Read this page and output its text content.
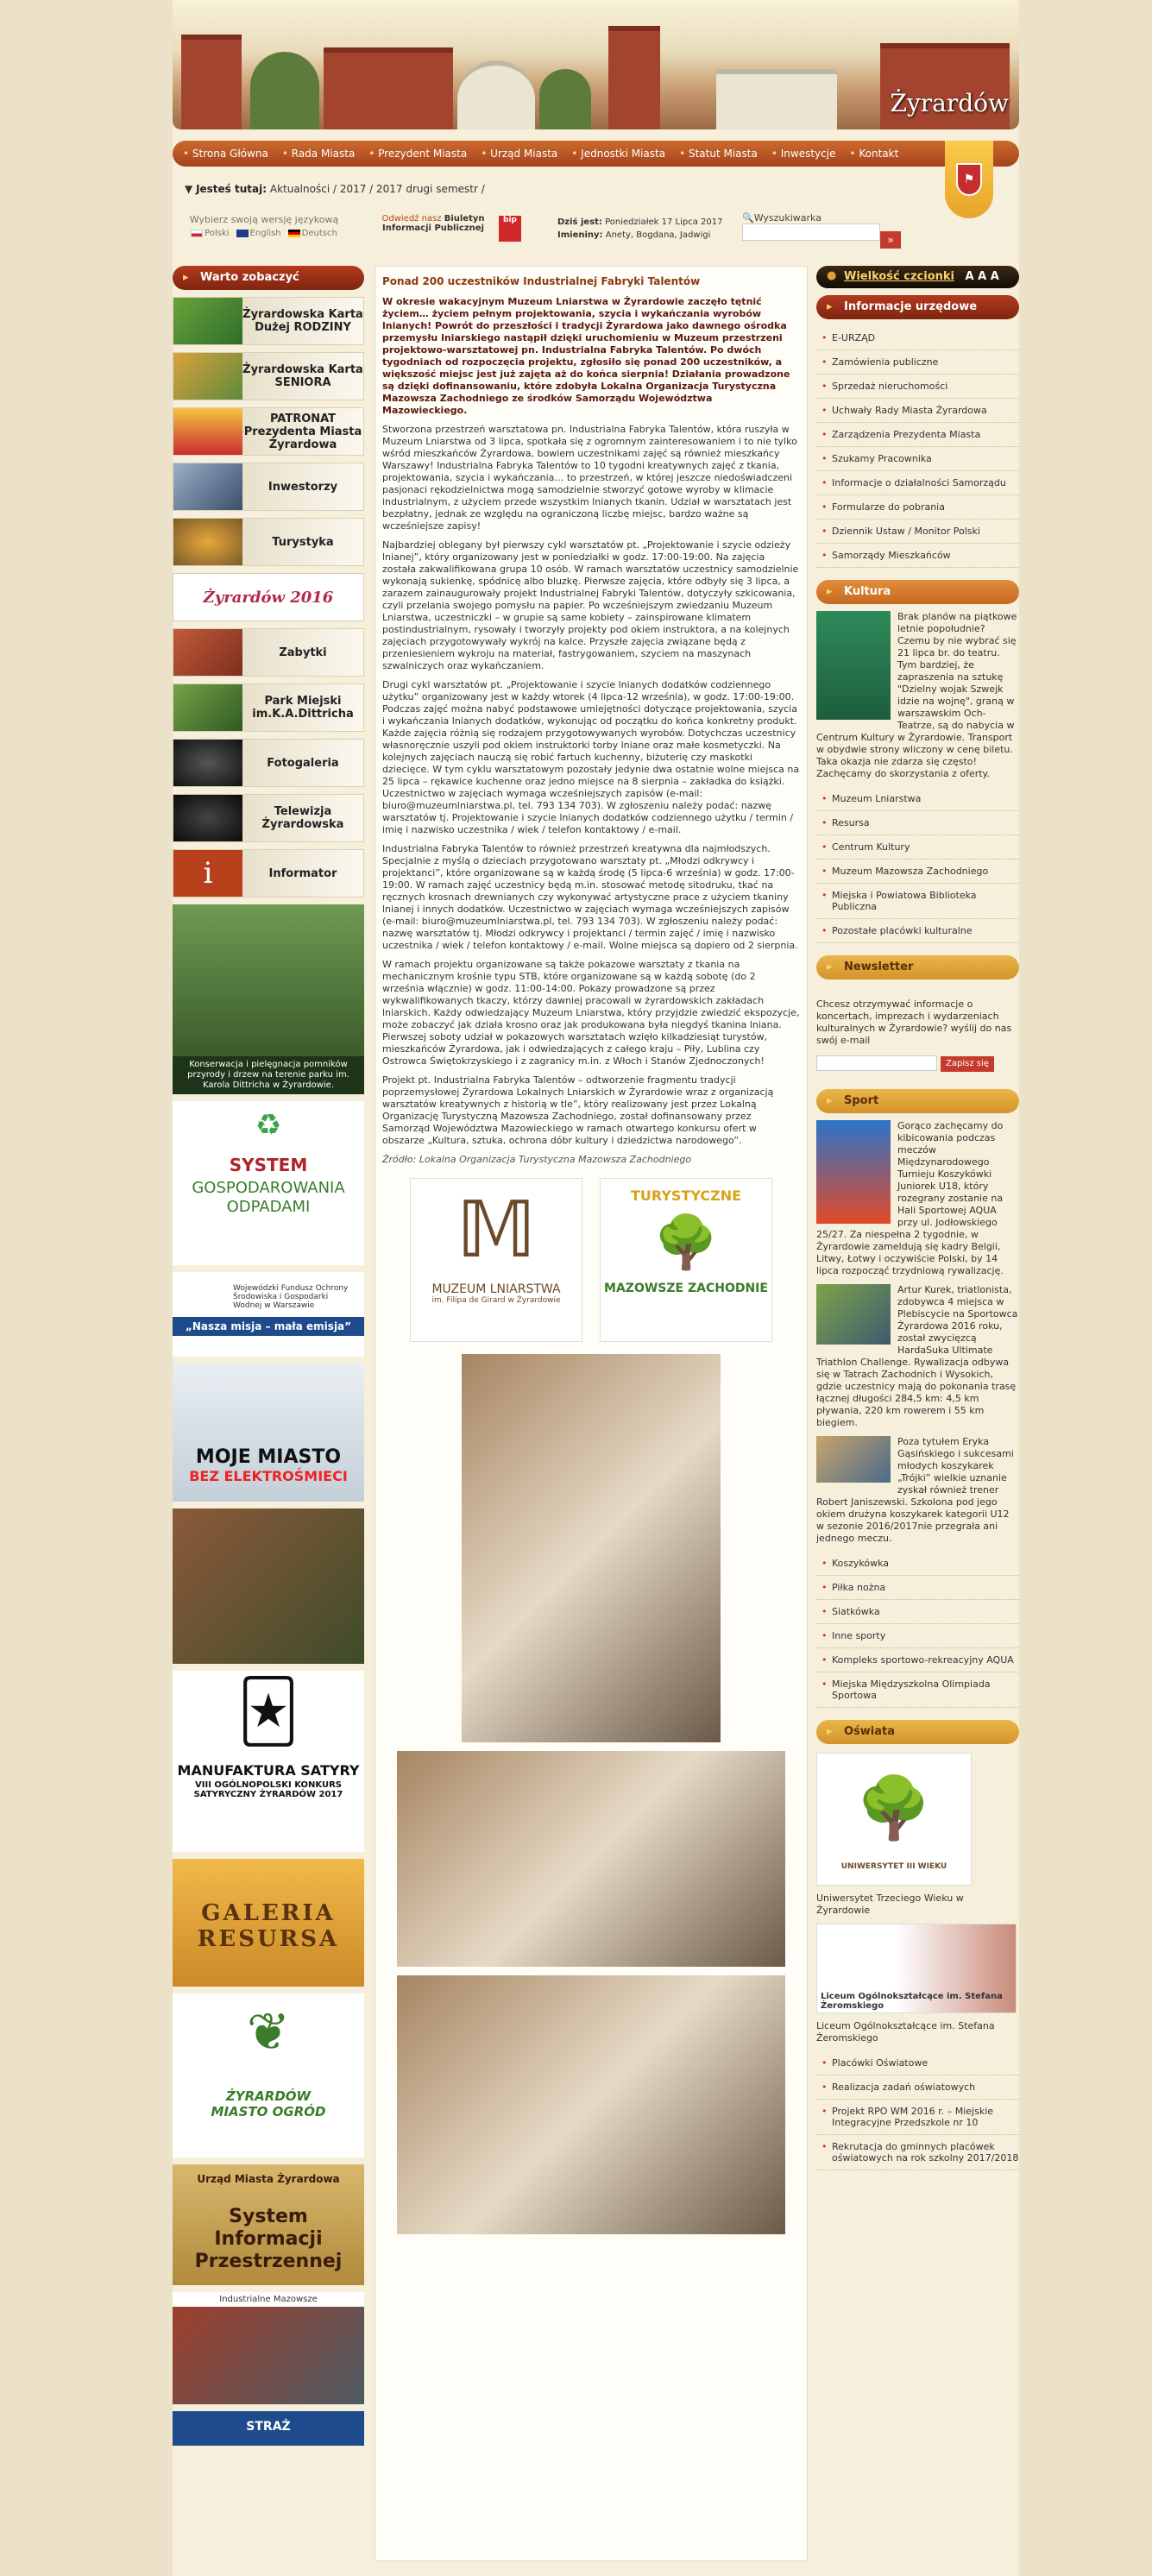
Żyrardów
• Strona Główna	• Rada Miasta	• Prezydent Miasta	• Urząd Miasta	• Jednostki Miasta	• Statut Miasta	• Inwestycje	• Kontakt
⚑
▼ Jesteś tutaj: Aktualności / 2017 / 2017 drugi semestr /
Wybierz swoją wersję językową
Polski	English	Deutsch
Odwiedź nasz Biuletyn
Informacji Publicznej
bip	Dziś jest: Poniedziałek 17 Lipca 2017
Imieniny: Anety, Bogdana, Jadwigi
🔍Wyszukiwarka
»
▸ Warto zobaczyć
Żyrardowska Karta Dużej RODZINY
Żyrardowska Karta SENIORA
PATRONAT Prezydenta Miasta Żyrardowa
Inwestorzy
Turystyka
Żyrardów 2016
Zabytki
Park Miejski im.K.A.Dittricha
Fotogaleria
Telewizja Żyrardowska
i	Informator
Konserwacja i pielęgnacja pomników przyrody i drzew na terenie parku im. Karola Dittricha w Żyrardowie.
♻
SYSTEM
GOSPODAROWANIA ODPADAMI
Wojewódzki Fundusz Ochrony Środowiska i Gospodarki Wodnej w Warszawie
„Nasza misja – mała emisja”
MOJE MIASTO
BEZ ELEKTROŚMIECI
🃏
MANUFAKTURA SATYRY
VIII OGÓLNOPOLSKI KONKURS SATYRYCZNY ŻYRARDÓW 2017
GALERIA RESURSA
❦
ŻYRARDÓW MIASTO OGRÓD
Urząd Miasta Żyrardowa
System Informacji Przestrzennej
Industrialne Mazowsze
STRAŻ
Ponad 200 uczestników Industrialnej Fabryki Talentów

W okresie wakacyjnym Muzeum Lniarstwa w Żyrardowie zaczęło tętnić życiem… życiem pełnym projektowania, szycia i wykańczania wyrobów lnianych! Powrót do przeszłości i tradycji Żyrardowa jako dawnego ośrodka przemysłu lniarskiego nastąpił dzięki uruchomieniu w Muzeum przestrzeni projektowo-warsztatowej pn. Industrialna Fabryka Talentów. Po dwóch tygodniach od rozpoczęcia projektu, zgłosiło się ponad 200 uczestników, a większość miejsc jest już zajęta aż do końca sierpnia! Działania prowadzone są dzięki dofinansowaniu, które zdobyła Lokalna Organizacja Turystyczna Mazowsza Zachodniego ze środków Samorządu Województwa Mazowieckiego.

Stworzona przestrzeń warsztatowa pn. Industrialna Fabryka Talentów, która ruszyła w Muzeum Lniarstwa od 3 lipca, spotkała się z ogromnym zainteresowaniem i to nie tylko wśród mieszkańców Żyrardowa, bowiem uczestnikami zajęć są również mieszkańcy Warszawy! Industrialna Fabryka Talentów to 10 tygodni kreatywnych zajęć z tkania, projektowania, szycia i wykańczania… to przestrzeń, w której jeszcze niedoświadczeni pasjonaci rękodzielnictwa mogą samodzielnie stworzyć gotowe wyroby w klimacie industrialnym, z użyciem przede wszystkim lnianych tkanin. Udział w warsztatach jest bezpłatny, jednak ze względu na ograniczoną liczbę miejsc, bardzo ważne są wcześniejsze zapisy!

Najbardziej oblegany był pierwszy cykl warsztatów pt. „Projektowanie i szycie odzieży lnianej”, który organizowany jest w poniedziałki w godz. 17:00-19:00. Na zajęcia została zakwalifikowana grupa 10 osób. W ramach warsztatów uczestnicy samodzielnie wykonają sukienkę, spódnicę albo bluzkę. Pierwsze zajęcia, które odbyły się 3 lipca, a zarazem zainaugurowały projekt Industrialnej Fabryki Talentów, dotyczyły szkicowania, czyli przelania swojego pomysłu na papier. Po wcześniejszym zwiedzaniu Muzeum Lniarstwa, uczestniczki – w grupie są same kobiety – zainspirowane klimatem postindustrialnym, rysowały i tworzyły projekty pod okiem instruktora, a na kolejnych zajęciach przygotowywały wykrój na kalce. Przyszłe zajęcia związane będą z przeniesieniem wykroju na materiał, fastrygowaniem, szyciem na maszynach szwalniczych oraz wykańczaniem.

Drugi cykl warsztatów pt. „Projektowanie i szycie lnianych dodatków codziennego użytku” organizowany jest w każdy wtorek (4 lipca-12 września), w godz. 17:00-19:00. Podczas zajęć można nabyć podstawowe umiejętności dotyczące projektowania, szycia i wykańczania lnianych dodatków, wykonując od początku do końca konkretny produkt. Każde zajęcia różnią się rodzajem przygotowywanych wyrobów. Dotychczas uczestnicy własnoręcznie uszyli pod okiem instruktorki torby lniane oraz małe kosmetyczki. Na kolejnych zajęciach nauczą się robić fartuch kuchenny, biżuterię czy maskotki dziecięce. W tym cyklu warsztatowym pozostały jedynie dwa ostatnie wolne miejsca na 25 lipca – rękawice kuchenne oraz jedno miejsce na 8 sierpnia – zakładka do książki. Uczestnictwo w zajęciach wymaga wcześniejszych zapisów (e-mail: biuro@muzeumlniarstwa.pl, tel. 793 134 703). W zgłoszeniu należy podać: nazwę warsztatów tj. Projektowanie i szycie lnianych dodatków codziennego użytku / termin / imię i nazwisko uczestnika / wiek / telefon kontaktowy / e-mail.

Industrialna Fabryka Talentów to również przestrzeń kreatywna dla najmłodszych. Specjalnie z myślą o dzieciach przygotowano warsztaty pt. „Młodzi odkrywcy i projektanci”, które organizowane są w każdą środę (5 lipca-6 września) w godz. 17:00-19:00. W ramach zajęć uczestnicy będą m.in. stosować metodę sitodruku, tkać na ręcznych krosnach drewnianych czy wykonywać artystyczne prace z użyciem tkaniny lnianej i innych dodatków. Uczestnictwo w zajęciach wymaga wcześniejszych zapisów (e-mail: biuro@muzeumlniarstwa.pl, tel. 793 134 703). W zgłoszeniu należy podać: nazwę warsztatów tj. Młodzi odkrywcy i projektanci / termin zajęć / imię i nazwisko uczestnika / wiek / telefon kontaktowy / e-mail. Wolne miejsca są dopiero od 2 sierpnia.

W ramach projektu organizowane są także pokazowe warsztaty z tkania na mechanicznym krośnie typu STB, które organizowane są w każdą sobotę (do 2 września włącznie) w godz. 11:00-14:00. Pokazy prowadzone są przez wykwalifikowanych tkaczy, którzy dawniej pracowali w żyrardowskich zakładach lniarskich. Każdy odwiedzający Muzeum Lniarstwa, który przyjdzie zwiedzić ekspozycje, może zobaczyć jak działa krosno oraz jak produkowana była niegdyś tkanina lniana. Pierwszej soboty udział w pokazowych warsztatach wzięło kilkadziesiąt turystów, mieszkańców Żyrardowa, jak i odwiedzających z całego kraju – Piły, Lublina czy Ostrowca Świętokrzyskiego i z zagranicy m.in. z Włoch i Stanów Zjednoczonych!

Projekt pt. Industrialna Fabryka Talentów – odtworzenie fragmentu tradycji poprzemysłowej Żyrardowa Lokalnych Lniarskich w Żyrardowie wraz z organizacją warsztatów kreatywnych z historią w tle”, który realizowany jest przez Lokalną Organizację Turystyczną Mazowsza Zachodniego, został dofinansowany przez Samorząd Województwa Mazowieckiego w ramach otwartego konkursu ofert w obszarze „Kultura, sztuka, ochrona dóbr kultury i dziedzictwa narodowego”.

Źródło: Lokalna Organizacja Turystyczna Mazowsza Zachodniego

𝕄
MUZEUM LNIARSTWA
im. Filipa de Girard w Żyrardowie
TURYSTYCZNE
🌳
MAZOWSZE ZACHODNIE
● Wielkość czcionki A A A
▸ Informacje urzędowe
• E-URZĄD
• Zamówienia publiczne
• Sprzedaż nieruchomości
• Uchwały Rady Miasta Żyrardowa
• Zarządzenia Prezydenta Miasta
• Szukamy Pracownika
• Informacje o działalności Samorządu
• Formularze do pobrania
• Dziennik Ustaw / Monitor Polski
• Samorządy Mieszkańców
▸ Kultura
Brak planów na piątkowe letnie popołudnie? Czemu by nie wybrać się 21 lipca br. do teatru. Tym bardziej, że zapraszenia na sztukę "Dzielny wojak Szwejk idzie na wojnę", graną w warszawskim Och-Teatrze, są do nabycia w Centrum Kultury w Żyrardowie. Transport w obydwie strony wliczony w cenę biletu. Taka okazja nie zdarza się często! Zachęcamy do skorzystania z oferty.
• Muzeum Lniarstwa
• Resursa
• Centrum Kultury
• Muzeum Mazowsza Zachodniego
• Miejska i Powiatowa Biblioteka Publiczna
• Pozostałe placówki kulturalne
▸ Newsletter
Chcesz otrzymywać informacje o koncertach, imprezach i wydarzeniach kulturalnych w Żyrardowie? wyślij do nas swój e-mail
Zapisz się
▸ Sport
Gorąco zachęcamy do kibicowania podczas meczów Międzynarodowego Turnieju Koszykówki Juniorek U18, który rozegrany zostanie na Hali Sportowej AQUA przy ul. Jodłowskiego 25/27. Za niespełna 2 tygodnie, w Żyrardowie zameldują się kadry Belgii, Litwy, Łotwy i oczywiście Polski, by 14 lipca rozpocząć trzydniową rywalizację.
Artur Kurek, triatlonista, zdobywca 4 miejsca w Plebiscycie na Sportowca Żyrardowa 2016 roku, został zwycięzcą HardaSuka Ultimate Triathlon Challenge. Rywalizacja odbywa się w Tatrach Zachodnich i Wysokich, gdzie uczestnicy mają do pokonania trasę łącznej długości 284,5 km: 4,5 km pływania, 220 km rowerem i 55 km biegiem.
Poza tytułem Eryka Gąsińskiego i sukcesami młodych koszykarek „Trójki” wielkie uznanie zyskał również trener Robert Janiszewski. Szkolona pod jego okiem drużyna koszykarek kategorii U12 w sezonie 2016/2017nie przegrała ani jednego meczu.
• Koszykówka
• Piłka nożna
• Siatkówka
• Inne sporty
• Kompleks sportowo-rekreacyjny AQUA
• Miejska Międzyszkolna Olimpiada Sportowa
▸ Oświata
🌳
UNIWERSYTET III WIEKU
Uniwersytet Trzeciego Wieku w Żyrardowie
Liceum Ogólnokształcące im. Stefana Żeromskiego
Liceum Ogólnokształcące im. Stefana Żeromskiego
• Placówki Oświatowe
• Realizacja zadań oświatowych
• Projekt RPO WM 2016 r. – Miejskie Integracyjne Przedszkole nr 10
• Rekrutacja do gminnych placówek oświatowych na rok szkolny 2017/2018
